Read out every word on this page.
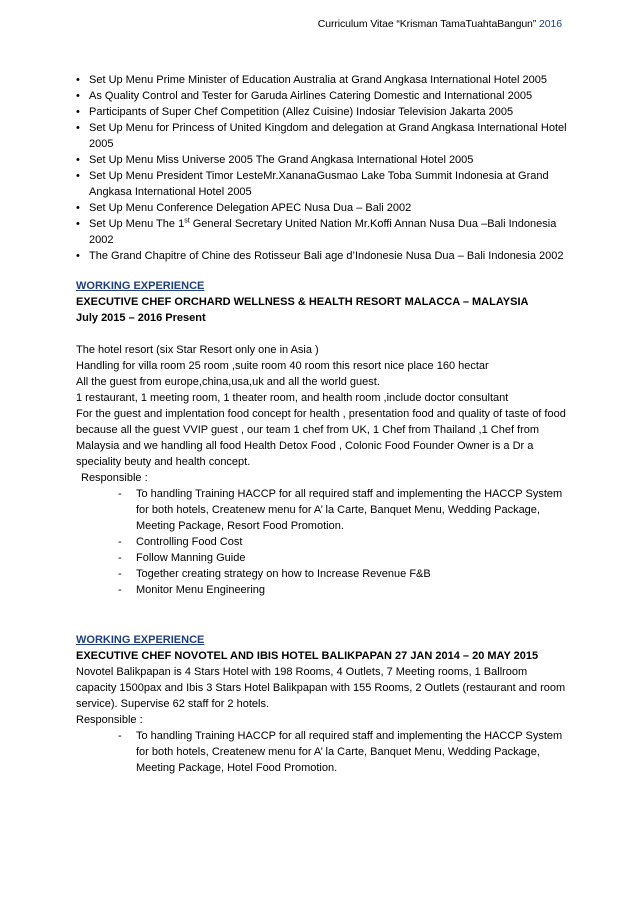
Curriculum Vitae “Krisman TamaTuahtaBangun” 2016
• Set Up Menu Prime Minister of Education Australia at Grand Angkasa International Hotel 2005
• As Quality Control and Tester for Garuda Airlines Catering Domestic and International 2005
• Participants of Super Chef Competition (Allez Cuisine) Indosiar Television Jakarta 2005
• Set Up Menu for Princess of United Kingdom and delegation at Grand Angkasa International Hotel 2005
• Set Up Menu Miss Universe 2005 The Grand Angkasa International Hotel 2005
• Set Up Menu President Timor LesteMr.XananaGusmao Lake Toba Summit Indonesia at Grand Angkasa International Hotel 2005
• Set Up Menu Conference Delegation APEC Nusa Dua – Bali 2002
• Set Up Menu The 1st General Secretary United Nation Mr.Koffi Annan Nusa Dua –Bali Indonesia 2002
• The Grand Chapitre of Chine des Rotisseur Bali age d’Indonesie Nusa Dua – Bali Indonesia 2002
WORKING EXPERIENCE
EXECUTIVE CHEF ORCHARD WELLNESS & HEALTH RESORT MALACCA – MALAYSIA
July 2015 – 2016 Present

The hotel resort (six Star Resort only one in Asia )

Handling for villa room 25 room ,suite room 40 room this resort nice place 160 hectar

All the guest from europe,china,usa,uk and all the world guest.

1 restaurant, 1 meeting room, 1 theater room, and health room ,include doctor consultant

For the guest and implentation food concept for health , presentation food and quality of taste of food because all the guest VVIP guest , our team 1 chef from UK, 1 Chef from Thailand ,1 Chef from Malaysia and we handling all food Health Detox Food , Colonic Food Founder Owner is a Dr a speciality beuty and health concept.

Responsible :
- To handling Training HACCP for all required staff and implementing the HACCP System for both hotels, Createnew menu for A’ la Carte, Banquet Menu, Wedding Package, Meeting Package, Resort Food Promotion.
- Controlling Food Cost
- Follow Manning Guide
- Together creating strategy on how to Increase Revenue F&B
- Monitor Menu Engineering
WORKING EXPERIENCE
EXECUTIVE CHEF NOVOTEL AND IBIS HOTEL BALIKPAPAN 27 JAN 2014 – 20 MAY 2015

Novotel Balikpapan is 4 Stars Hotel with 198 Rooms, 4 Outlets, 7 Meeting rooms, 1 Ballroom capacity 1500pax and Ibis 3 Stars Hotel Balikpapan with 155 Rooms, 2 Outlets (restaurant and room service). Supervise 62 staff for 2 hotels.

Responsible :
- To handling Training HACCP for all required staff and implementing the HACCP System for both hotels, Createnew menu for A’ la Carte, Banquet Menu, Wedding Package, Meeting Package, Hotel Food Promotion.
